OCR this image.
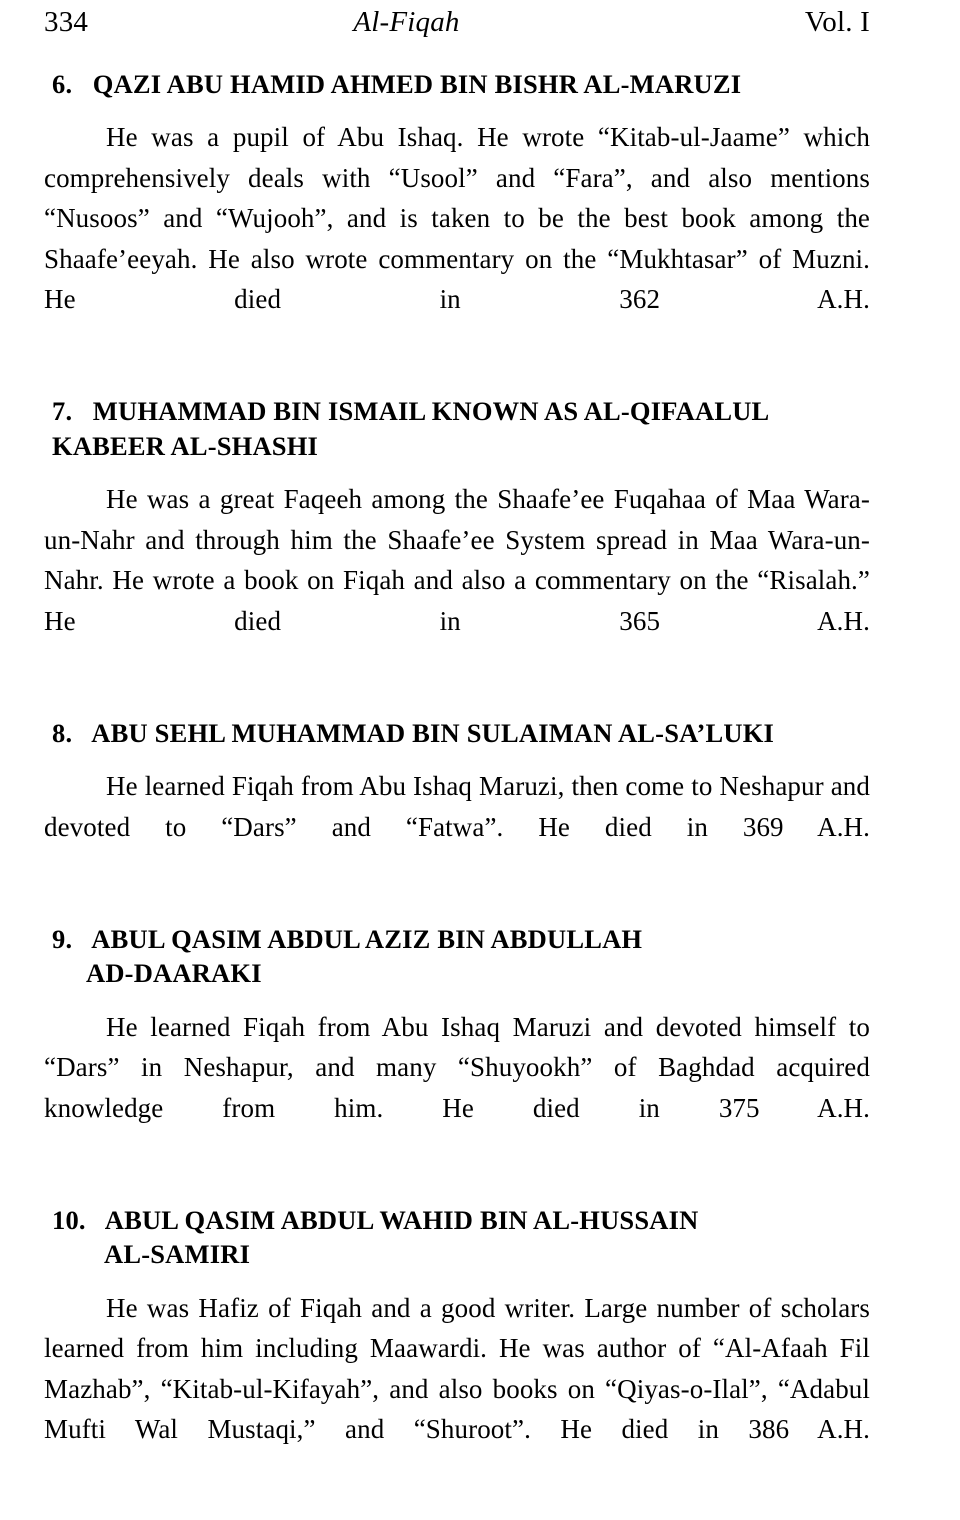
334	Al-Fiqah	Vol. I
6. QAZI ABU HAMID AHMED BIN BISHR AL-MARUZI

He was a pupil of Abu Ishaq. He wrote “Kitab-ul-Jaame” which comprehensively deals with “Usool” and “Fara”, and also mentions “Nusoos” and “Wujooh”, and is taken to be the best book among the Shaafe’eeyah. He also wrote commentary on the “Mukhtasar” of Muzni. He died in 362 A.H.

7. MUHAMMAD BIN ISMAIL KNOWN AS AL-QIFAALUL
KABEER AL-SHASHI

He was a great Faqeeh among the Shaafe’ee Fuqahaa of Maa Wara-un-Nahr and through him the Shaafe’ee System spread in Maa Wara-un-Nahr. He wrote a book on Fiqah and also a commentary on the “Risalah.” He died in 365 A.H.

8. ABU SEHL MUHAMMAD BIN SULAIMAN AL-SA’LUKI

He learned Fiqah from Abu Ishaq Maruzi, then come to Neshapur and devoted to “Dars” and “Fatwa”. He died in 369 A.H.

9. ABUL QASIM ABDUL AZIZ BIN ABDULLAH
AD-DAARAKI

He learned Fiqah from Abu Ishaq Maruzi and devoted himself to “Dars” in Neshapur, and many “Shuyookh” of Baghdad acquired knowledge from him. He died in 375 A.H.

10. ABUL QASIM ABDUL WAHID BIN AL-HUSSAIN
AL-SAMIRI

He was Hafiz of Fiqah and a good writer. Large number of scholars learned from him including Maawardi. He was author of “Al-Afaah Fil Mazhab”, “Kitab-ul-Kifayah”, and also books on “Qiyas-o-Ilal”, “Adabul Mufti Wal Mustaqi,” and “Shuroot”. He died in 386 A.H.
